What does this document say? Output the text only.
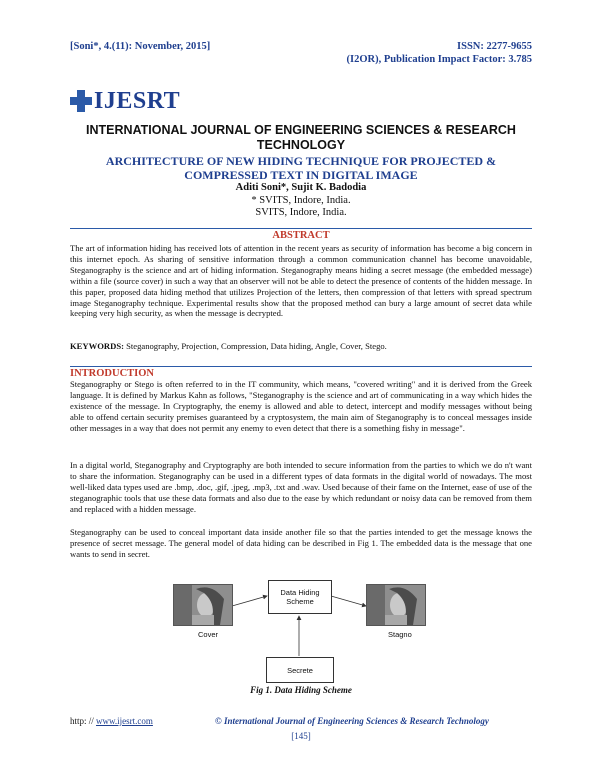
[Soni*, 4.(11): November, 2015]	ISSN: 2277-9655
(I2OR), Publication Impact Factor: 3.785
IJESRT
INTERNATIONAL JOURNAL OF ENGINEERING SCIENCES & RESEARCH TECHNOLOGY
ARCHITECTURE OF NEW HIDING TECHNIQUE FOR PROJECTED & COMPRESSED TEXT IN DIGITAL IMAGE
Aditi Soni*, Sujit K. Badodia
* SVITS, Indore, India.
SVITS, Indore, India.
ABSTRACT
The art of information hiding has received lots of attention in the recent years as security of information has become a big concern in this internet epoch. As sharing of sensitive information through a common communication channel has become unavoidable, Steganography is the science and art of hiding information. Steganography means hiding a secret message (the embedded message) within a file (source cover) in such a way that an observer will not be able to detect the presence of contents of the hidden message. In this paper, proposed data hiding method that utilizes Projection of the letters, then compression of that letters with spread spectrum image Steganography technique. Experimental results show that the proposed method can bury a large amount of secret data while keeping very high security, as when the message is decrypted.
KEYWORDS: Steganography, Projection, Compression, Data hiding, Angle, Cover, Stego.
INTRODUCTION
Steganography or Stego is often referred to in the IT community, which means, "covered writing" and it is derived from the Greek language. It is defined by Markus Kahn as follows, "Steganography is the science and art of communicating in a way which hides the existence of the message. In Cryptography, the enemy is allowed and able to detect, intercept and modify messages without being able to offend certain security premises guaranteed by a cryptosystem, the main aim of Steganography is to conceal messages inside other messages in a way that does not permit any enemy to even detect that there is a something fishy in message".
In a digital world, Steganography and Cryptography are both intended to secure information from the parties to which we do n't want to share the information. Steganography can be used in a different types of data formats in the digital world of nowadays. The most well-liked data types used are .bmp, .doc, .gif, .jpeg, .mp3, .txt and .wav. Used because of their fame on the Internet, ease of use of the steganographic tools that use these data formats and also due to the ease by which redundant or noisy data can be removed from them and replaced with a hidden message.
Steganography can be used to conceal important data inside another file so that the parties intended to get the message knows the presence of secret message. The general model of data hiding can be described in Fig 1. The embedded data is the message that one wants to send in secret.
Data Hiding Scheme
Cover	Stagno
Secrete
Fig 1. Data Hiding Scheme
http: // www.ijesrt.com	© International Journal of Engineering Sciences & Research Technology
[145]
